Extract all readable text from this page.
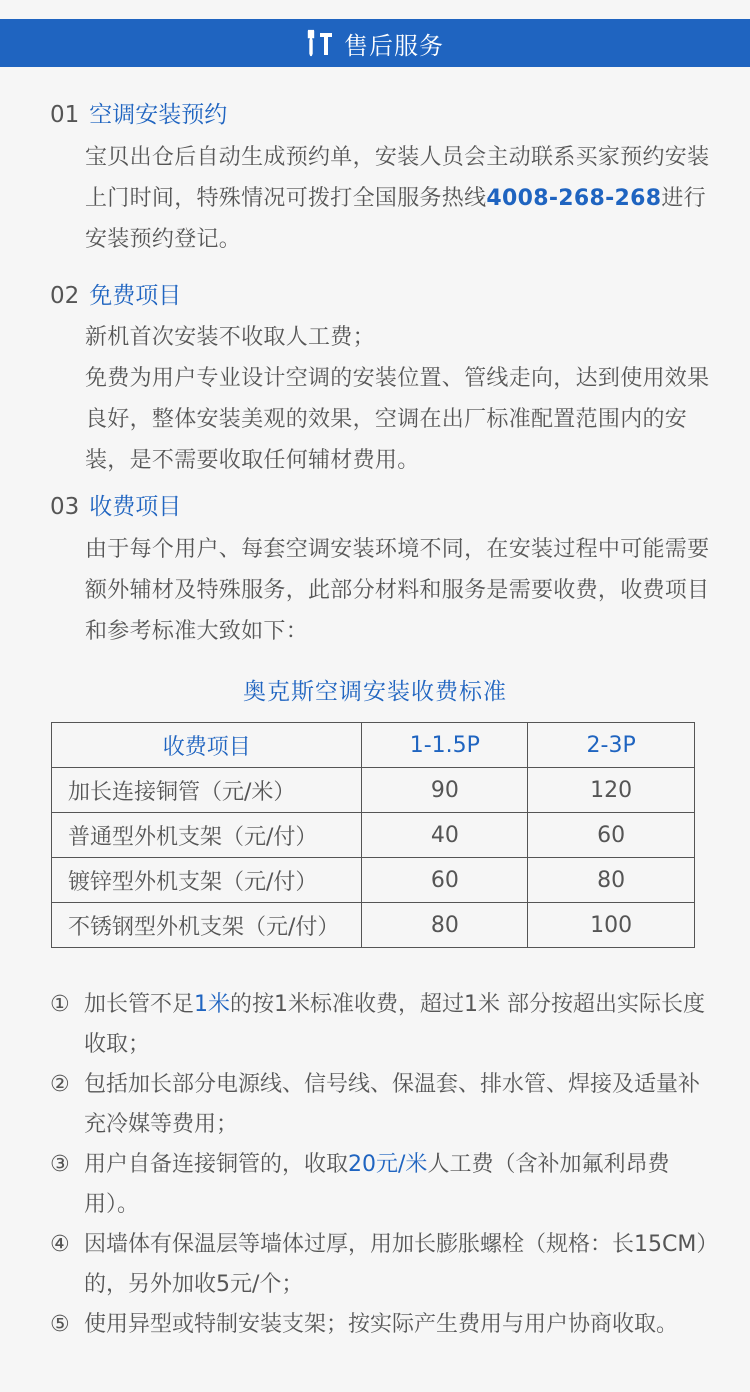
售后服务
01 空调安装预约
宝贝出仓后自动生成预约单，安装人员会主动联系买家预约安装上门时间，特殊情况可拨打全国服务热线4008-268-268进行安装预约登记。
02 免费项目
新机首次安装不收取人工费；
免费为用户专业设计空调的安装位置、管线走向，达到使用效果良好，整体安装美观的效果，空调在出厂标准配置范围内的安装，是不需要收取任何辅材费用。
03 收费项目
由于每个用户、每套空调安装环境不同，在安装过程中可能需要额外辅材及特殊服务，此部分材料和服务是需要收费，收费项目和参考标准大致如下：
奥克斯空调安装收费标准
收费项目	1-1.5P	2-3P
加长连接铜管（元/米）	90	120
普通型外机支架（元/付）	40	60
镀锌型外机支架（元/付）	60	80
不锈钢型外机支架（元/付）	80	100
① 加长管不足1米的按1米标准收费，超过1米 部分按超出实际长度收取；
② 包括加长部分电源线、信号线、保温套、排水管、焊接及适量补充冷媒等费用；
③ 用户自备连接铜管的，收取20元/米人工费（含补加氟利昂费用）。
④ 因墙体有保温层等墙体过厚，用加长膨胀螺栓（规格：长15CM）的，另外加收5元/个；
⑤ 使用异型或特制安装支架；按实际产生费用与用户协商收取。
